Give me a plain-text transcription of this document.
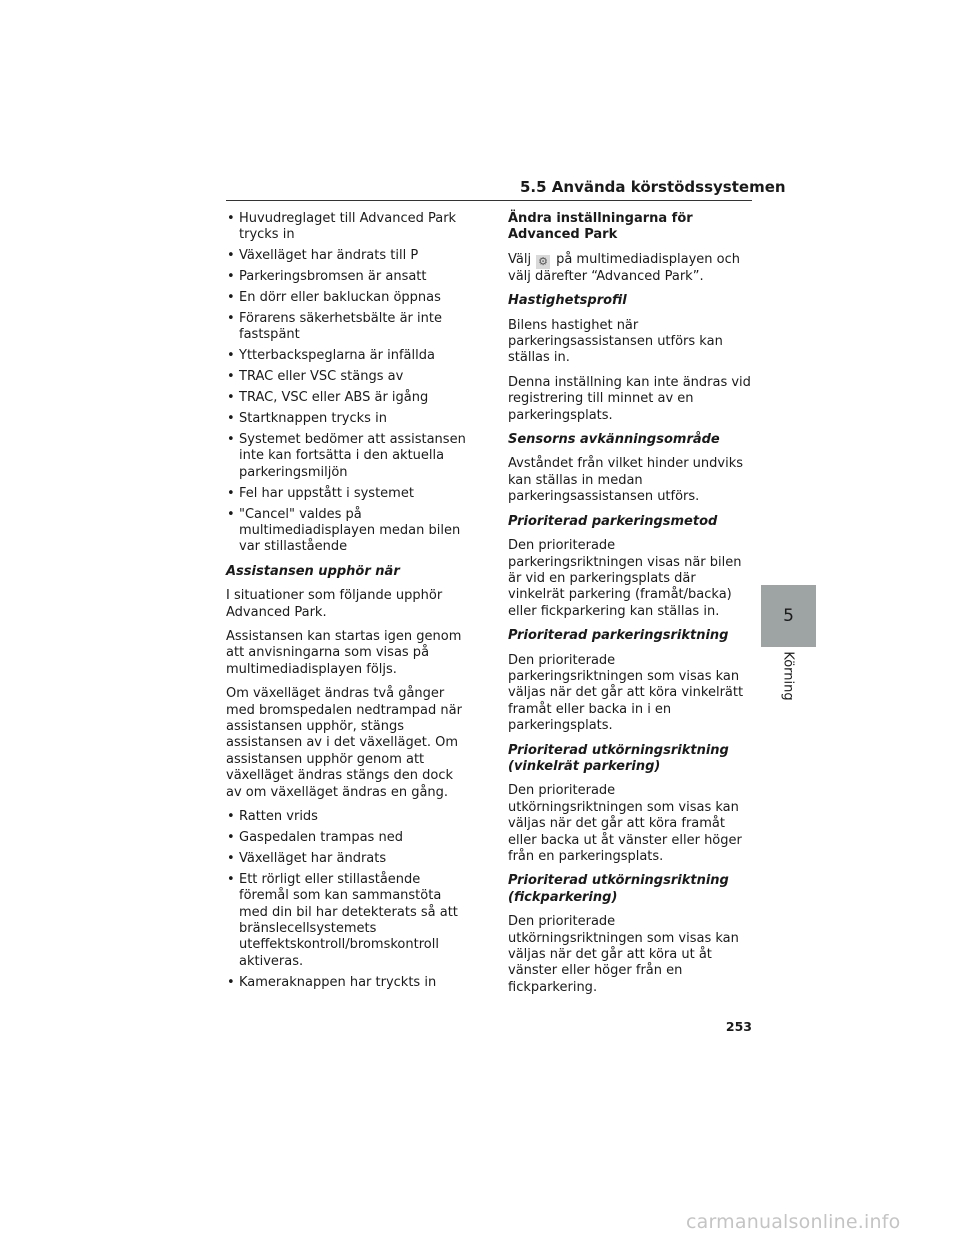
5.5 Använda körstödssystemen
• Huvudreglaget till Advanced Park trycks in
• Växelläget har ändrats till P
• Parkeringsbromsen är ansatt
• En dörr eller bakluckan öppnas
• Förarens säkerhetsbälte är inte fastspänt
• Ytterbackspeglarna är infällda
• TRAC eller VSC stängs av
• TRAC, VSC eller ABS är igång
• Startknappen trycks in
• Systemet bedömer att assistansen inte kan fortsätta i den aktuella parkeringsmiljön
• Fel har uppstått i systemet
• "Cancel" valdes på multimediadisplayen medan bilen var stillastående

Assistansen upphör när

I situationer som följande upphör Advanced Park.

Assistansen kan startas igen genom att anvisningarna som visas på multimediadisplayen följs.

Om växelläget ändras två gånger med bromspedalen nedtrampad när assistansen upphör, stängs assistansen av i det växelläget. Om assistansen upphör genom att växelläget ändras stängs den dock av om växelläget ändras en gång.

• Ratten vrids
• Gaspedalen trampas ned
• Växelläget har ändrats
• Ett rörligt eller stillastående föremål som kan sammanstöta med din bil har detekterats så att bränslecellsystemets uteffektskontroll/bromskontroll aktiveras.
• Kameraknappen har tryckts in

Ändra inställningarna för Advanced Park

Välj ⚙ på multimediadisplayen och välj därefter “Advanced Park”.

Hastighetsprofil

Bilens hastighet när parkeringsassistansen utförs kan ställas in.

Denna inställning kan inte ändras vid registrering till minnet av en parkeringsplats.

Sensorns avkänningsområde

Avståndet från vilket hinder undviks kan ställas in medan parkeringsassistansen utförs.

Prioriterad parkeringsmetod

Den prioriterade parkeringsriktningen visas när bilen är vid en parkeringsplats där vinkelrät parkering (framåt/backa) eller fickparkering kan ställas in.

Prioriterad parkeringsriktning

Den prioriterade parkeringsriktningen som visas kan väljas när det går att köra vinkelrätt framåt eller backa in i en parkeringsplats.

Prioriterad utkörningsriktning (vinkelrät parkering)

Den prioriterade utkörningsriktningen som visas kan väljas när det går att köra framåt eller backa ut åt vänster eller höger från en parkeringsplats.

Prioriterad utkörningsriktning (fickparkering)

Den prioriterade utkörningsriktningen som visas kan väljas när det går att köra ut åt vänster eller höger från en fickparkering.

5
Körning
253
carmanualsonline.info
